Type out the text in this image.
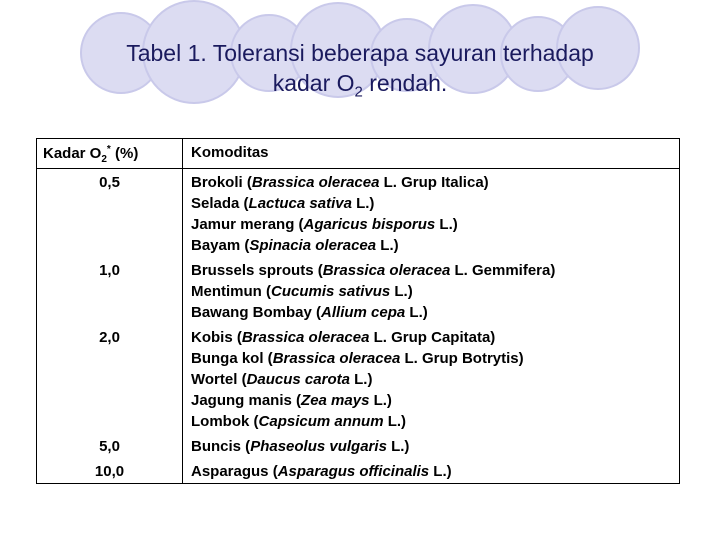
Tabel 1. Toleransi beberapa sayuran terhadap
kadar $O_2$ rendah.
Kadar $O_2^*$ (%)	Komoditas
0,5	Brokoli (Brassica oleracea L. Grup Italica)
Selada (Lactuca sativa L.)
Jamur merang (Agaricus bisporus L.)
Bayam (Spinacia oleracea L.)
1,0	Brussels sprouts (Brassica oleracea L. Gemmifera)
Mentimun (Cucumis sativus L.)
Bawang Bombay (Allium cepa L.)
2,0	Kobis (Brassica oleracea L. Grup Capitata)
Bunga kol (Brassica oleracea L. Grup Botrytis)
Wortel (Daucus carota L.)
Jagung manis (Zea mays L.)
Lombok (Capsicum annum L.)
5,0	Buncis (Phaseolus vulgaris L.)
10,0	Asparagus (Asparagus officinalis L.)
